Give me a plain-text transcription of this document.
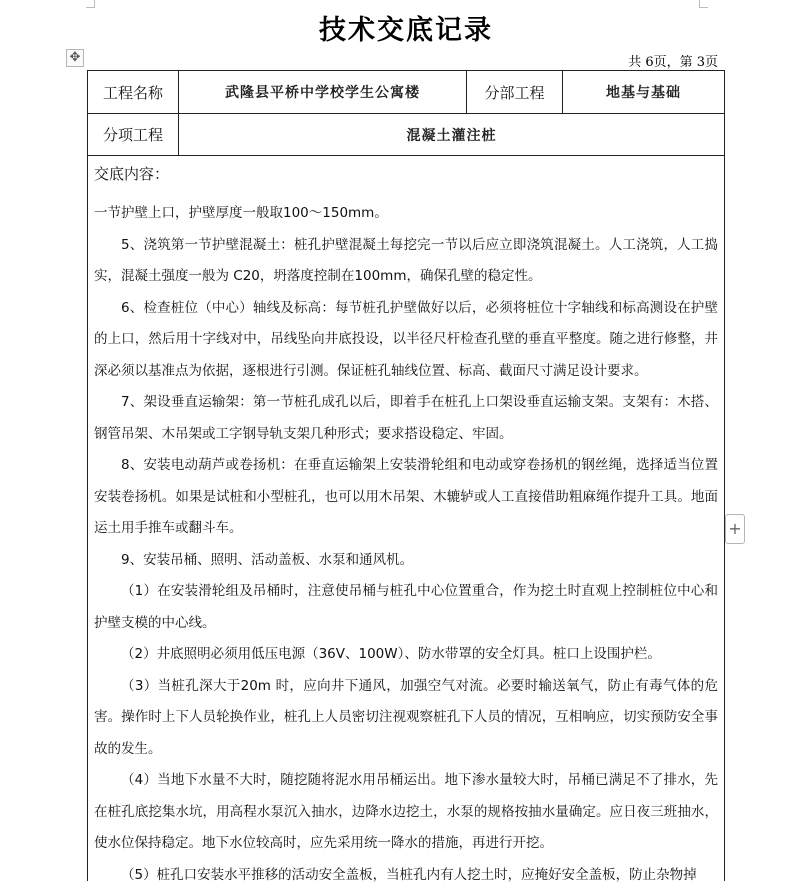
技术交底记录
✥	共 6页，第 3页
+
工程名称	武隆县平桥中学校学生公寓楼	分部工程	地基与基础
分项工程	混凝土灌注桩
交底内容：

一节护壁上口，护壁厚度一般取100～150mm。

5、浇筑第一节护壁混凝土：桩孔护壁混凝土每挖完一节以后应立即浇筑混凝土。人工浇筑，人工捣实，混凝土强度一般为 C20，坍落度控制在100mm，确保孔壁的稳定性。

6、检查桩位（中心）轴线及标高：每节桩孔护壁做好以后，必须将桩位十字轴线和标高测设在护壁的上口，然后用十字线对中，吊线坠向井底投设，以半径尺杆检查孔壁的垂直平整度。随之进行修整，井深必须以基准点为依据，逐根进行引测。保证桩孔轴线位置、标高、截面尺寸满足设计要求。

7、架设垂直运输架：第一节桩孔成孔以后，即着手在桩孔上口架设垂直运输支架。支架有：木搭、钢管吊架、木吊架或工字钢导轨支架几种形式；要求搭设稳定、牢固。

8、安装电动葫芦或卷扬机：在垂直运输架上安装滑轮组和电动或穿卷扬机的钢丝绳，选择适当位置安装卷扬机。如果是试桩和小型桩孔，也可以用木吊架、木辘轳或人工直接借助粗麻绳作提升工具。地面运土用手推车或翻斗车。

9、安装吊桶、照明、活动盖板、水泵和通风机。

（1）在安装滑轮组及吊桶时，注意使吊桶与桩孔中心位置重合，作为挖土时直观上控制桩位中心和护壁支模的中心线。

（2）井底照明必须用低压电源（36V、100W）、防水带罩的安全灯具。桩口上设围护栏。

（3）当桩孔深大于20m 时，应向井下通风，加强空气对流。必要时输送氧气，防止有毒气体的危害。操作时上下人员轮换作业，桩孔上人员密切注视观察桩孔下人员的情况，互相响应，切实预防安全事故的发生。

（4）当地下水量不大时，随挖随将泥水用吊桶运出。地下渗水量较大时，吊桶已满足不了排水，先在桩孔底挖集水坑，用高程水泵沉入抽水，边降水边挖土，水泵的规格按抽水量确定。应日夜三班抽水，使水位保持稳定。地下水位较高时，应先采用统一降水的措施，再进行开挖。

（5）桩孔口安装水平推移的活动安全盖板，当桩孔内有人挖土时，应掩好安全盖板，防止杂物掉
